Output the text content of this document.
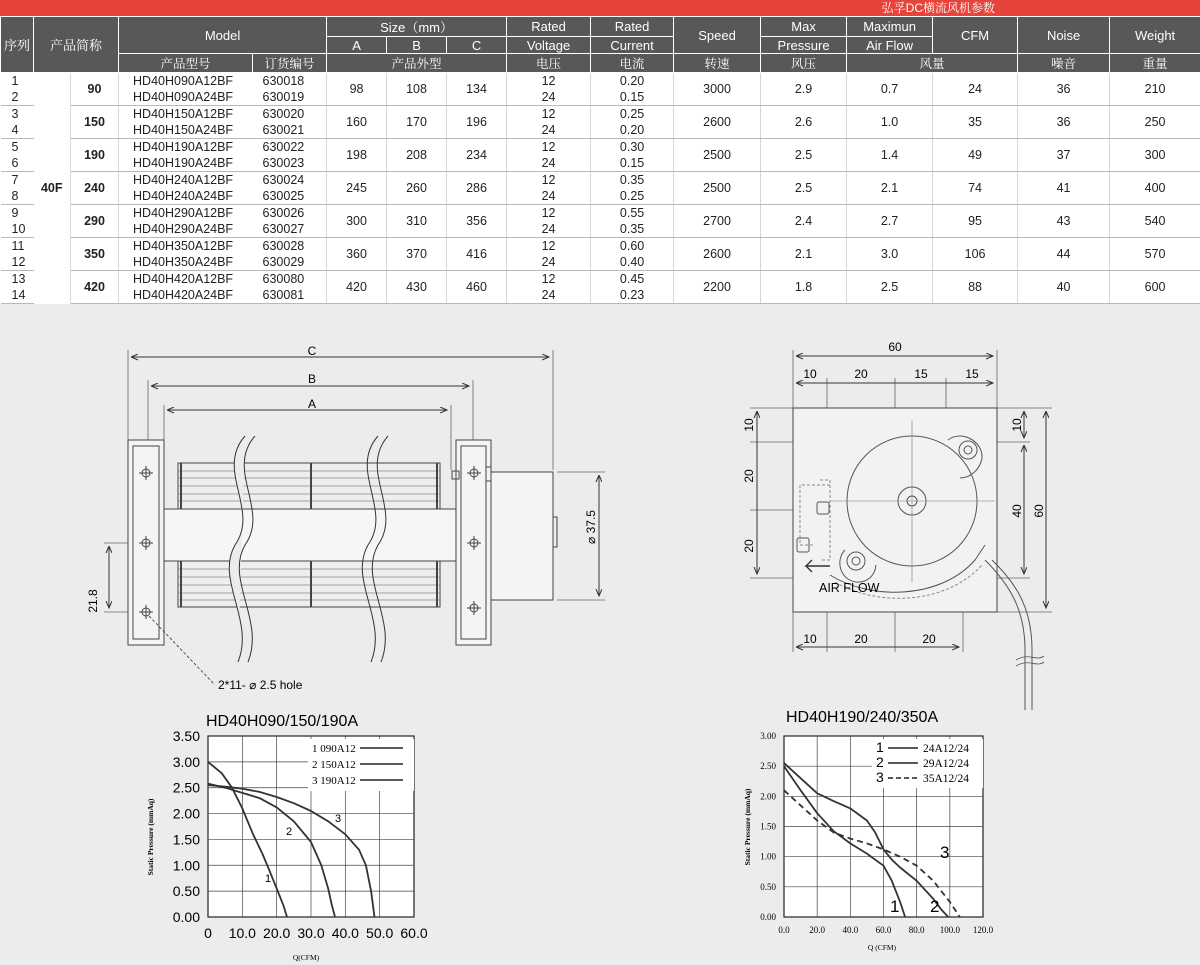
弘孚DC横流风机参数
序列	产品简称		Model		Size（mm）			Rated	Rated	Speed	Max	Maximun	CFM	Noise	Weight
					A	B	C	Voltage	Current		Pressure	Air Flow			
			产品型号	订货编号	产品外型			电压	电流	转速	风压	风量		噪音	重量
1	40F	90	HD40H090A12BF	630018	98	108	134	12	0.20	3000	2.9	0.7	24	36	210
2			HD40H090A24BF	630019				24	0.15						
3		150	HD40H150A12BF	630020	160	170	196	12	0.25	2600	2.6	1.0	35	36	250
4			HD40H150A24BF	630021				24	0.20						
5		190	HD40H190A12BF	630022	198	208	234	12	0.30	2500	2.5	1.4	49	37	300
6			HD40H190A24BF	630023				24	0.15						
7		240	HD40H240A12BF	630024	245	260	286	12	0.35	2500	2.5	2.1	74	41	400
8			HD40H240A24BF	630025				24	0.25						
9		290	HD40H290A12BF	630026	300	310	356	12	0.55	2700	2.4	2.7	95	43	540
10			HD40H290A24BF	630027				24	0.35						
11		350	HD40H350A12BF	630028	360	370	416	12	0.60	2600	2.1	3.0	106	44	570
12			HD40H350A24BF	630029				24	0.40						
13		420	HD40H420A12BF	630080	420	430	460	12	0.45	2200	1.8	2.5	88	40	600
14			HD40H420A24BF	630081				24	0.23						
C
B
A
21.8
⌀ 37.5
2*11- ⌀ 2.5 hole
60
10	20	15	15
10	20	20
10
20
20
10
40 60
AIR FLOW
HD40H090/150/190A
0 10.0 20.0 30.0 40.0 50.0 60.0
0.00
0.50
1.00
1.50
2.00
2.50
3.00
3.50
1 090A12
1
2 150A12
2
3 190A12
3
Static Pressure (mmAq)
Q(CFM)
HD40H190/240/350A
0.0 20.0 40.0 60.0 80.0 100.0 120.0
0.00
0.50
1.00
1.50
2.00
2.50
3.00
1	24A12/24
1
2	29A12/24
2
3	35A12/24
3
Static Pressure (mmAq)
Q (CFM)
